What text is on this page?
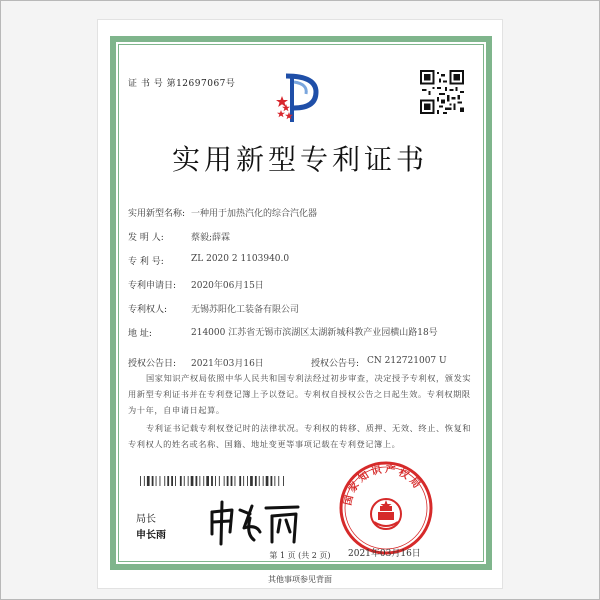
证 书 号 第12697067号
实用新型专利证书
实用新型名称: 一种用于加热汽化的综合汽化器
发 明 人:	蔡毅;薛霖
专 利 号:	ZL 2020 2 1103940.0
专利申请日:	2020年06月15日
专利权人:	无锡苏阳化工装备有限公司
地 址:	214000 江苏省无锡市滨湖区太湖新城科教产业园横山路18号
授权公告日:	2021年03月16日	授权公告号: CN 212721007 U
国家知识产权局依照中华人民共和国专利法经过初步审查，决定授予专利权，颁发实用新型专利证书并在专利登记簿上予以登记。专利权自授权公告之日起生效。专利权期限为十年，自申请日起算。
专利证书记载专利权登记时的法律状况。专利权的转移、质押、无效、终止、恢复和专利权人的姓名或名称、国籍、地址变更等事项记载在专利登记簿上。
局长
申长雨
国家知识产权局
2021年03月16日
第 1 页 (共 2 页)
其他事项参见背面
